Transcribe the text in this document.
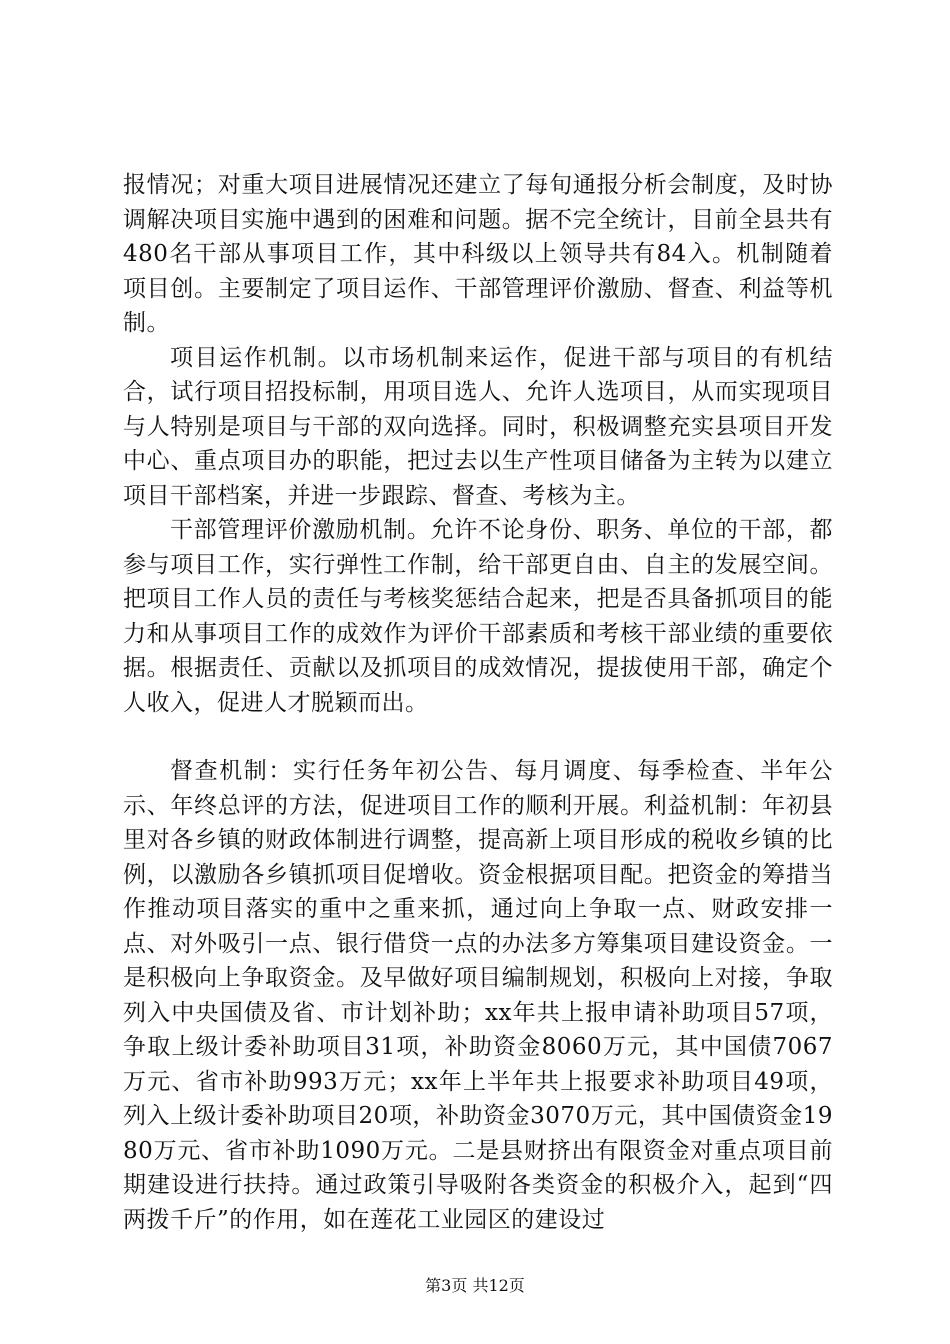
报情况；对重大项目进展情况还建立了每旬通报分析会制度，及时协调解决项目实施中遇到的困难和问题。据不完全统计，目前全县共有480名干部从事项目工作，其中科级以上领导共有84入。机制随着项目创。主要制定了项目运作、干部管理评价激励、督查、利益等机制。

项目运作机制。以市场机制来运作，促进干部与项目的有机结合，试行项目招投标制，用项目选人、允许人选项目，从而实现项目与人特别是项目与干部的双向选择。同时，积极调整充实县项目开发中心、重点项目办的职能，把过去以生产性项目储备为主转为以建立项目干部档案，并进一步跟踪、督查、考核为主。

干部管理评价激励机制。允许不论身份、职务、单位的干部，都参与项目工作，实行弹性工作制，给干部更自由、自主的发展空间。把项目工作人员的责任与考核奖惩结合起来，把是否具备抓项目的能力和从事项目工作的成效作为评价干部素质和考核干部业绩的重要依据。根据责任、贡献以及抓项目的成效情况，提拔使用干部，确定个人收入，促进人才脱颖而出。

督查机制：实行任务年初公告、每月调度、每季检查、半年公示、年终总评的方法，促进项目工作的顺利开展。利益机制：年初县里对各乡镇的财政体制进行调整，提高新上项目形成的税收乡镇的比例，以激励各乡镇抓项目促增收。资金根据项目配。把资金的筹措当作推动项目落实的重中之重来抓，通过向上争取一点、财政安排一点、对外吸引一点、银行借贷一点的办法多方筹集项目建设资金。一是积极向上争取资金。及早做好项目编制规划，积极向上对接，争取列入中央国债及省、市计划补助；xx年共上报申请补助项目57项，争取上级计委补助项目31项，补助资金8060万元，其中国债7067万元、省市补助993万元；xx年上半年共上报要求补助项目49项，列入上级计委补助项目20项，补助资金3070万元，其中国债资金1980万元、省市补助1090万元。二是县财挤出有限资金对重点项目前期建设进行扶持。通过政策引导吸附各类资金的积极介入，起到“四两拨千斤”的作用，如在莲花工业园区的建设过

第3页 共12页
